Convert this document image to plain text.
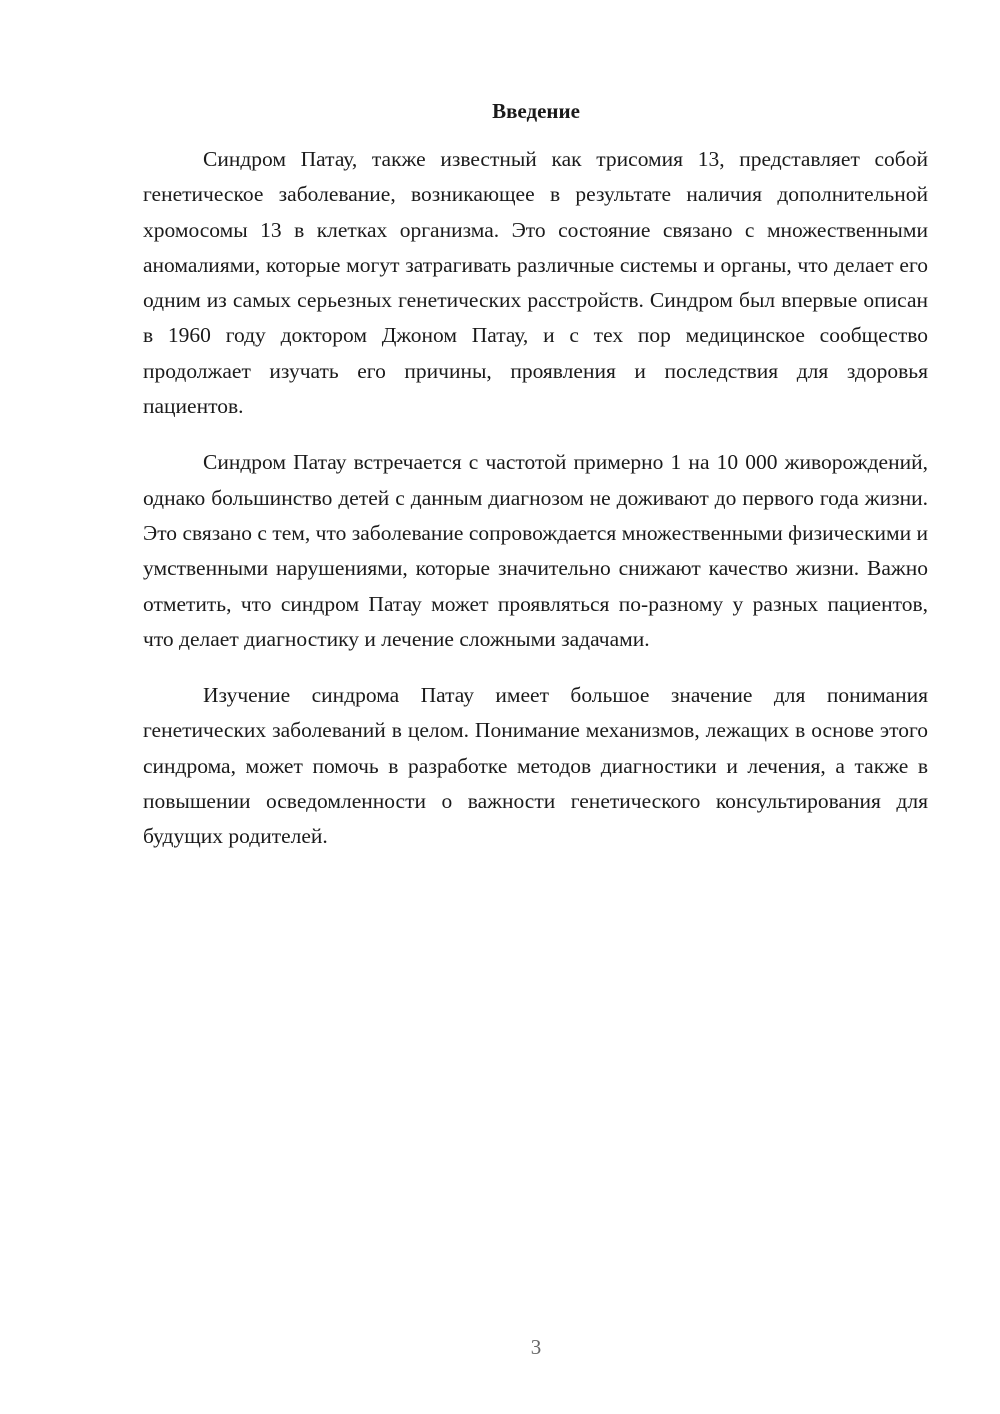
Введение

Синдром Патау, также известный как трисомия 13, представляет собой генетическое заболевание, возникающее в результате наличия дополнительной хромосомы 13 в клетках организма. Это состояние связано с множественными аномалиями, которые могут затрагивать различные системы и органы, что делает его одним из самых серьезных генетических расстройств. Синдром был впервые описан в 1960 году доктором Джоном Патау, и с тех пор медицинское сообщество продолжает изучать его причины, проявления и последствия для здоровья пациентов.

Синдром Патау встречается с частотой примерно 1 на 10 000 живорождений, однако большинство детей с данным диагнозом не доживают до первого года жизни. Это связано с тем, что заболевание сопровождается множественными физическими и умственными нарушениями, которые значительно снижают качество жизни. Важно отметить, что синдром Патау может проявляться по-разному у разных пациентов, что делает диагностику и лечение сложными задачами.

Изучение синдрома Патау имеет большое значение для понимания генетических заболеваний в целом. Понимание механизмов, лежащих в основе этого синдрома, может помочь в разработке методов диагностики и лечения, а также в повышении осведомленности о важности генетического консультирования для будущих родителей.

3
